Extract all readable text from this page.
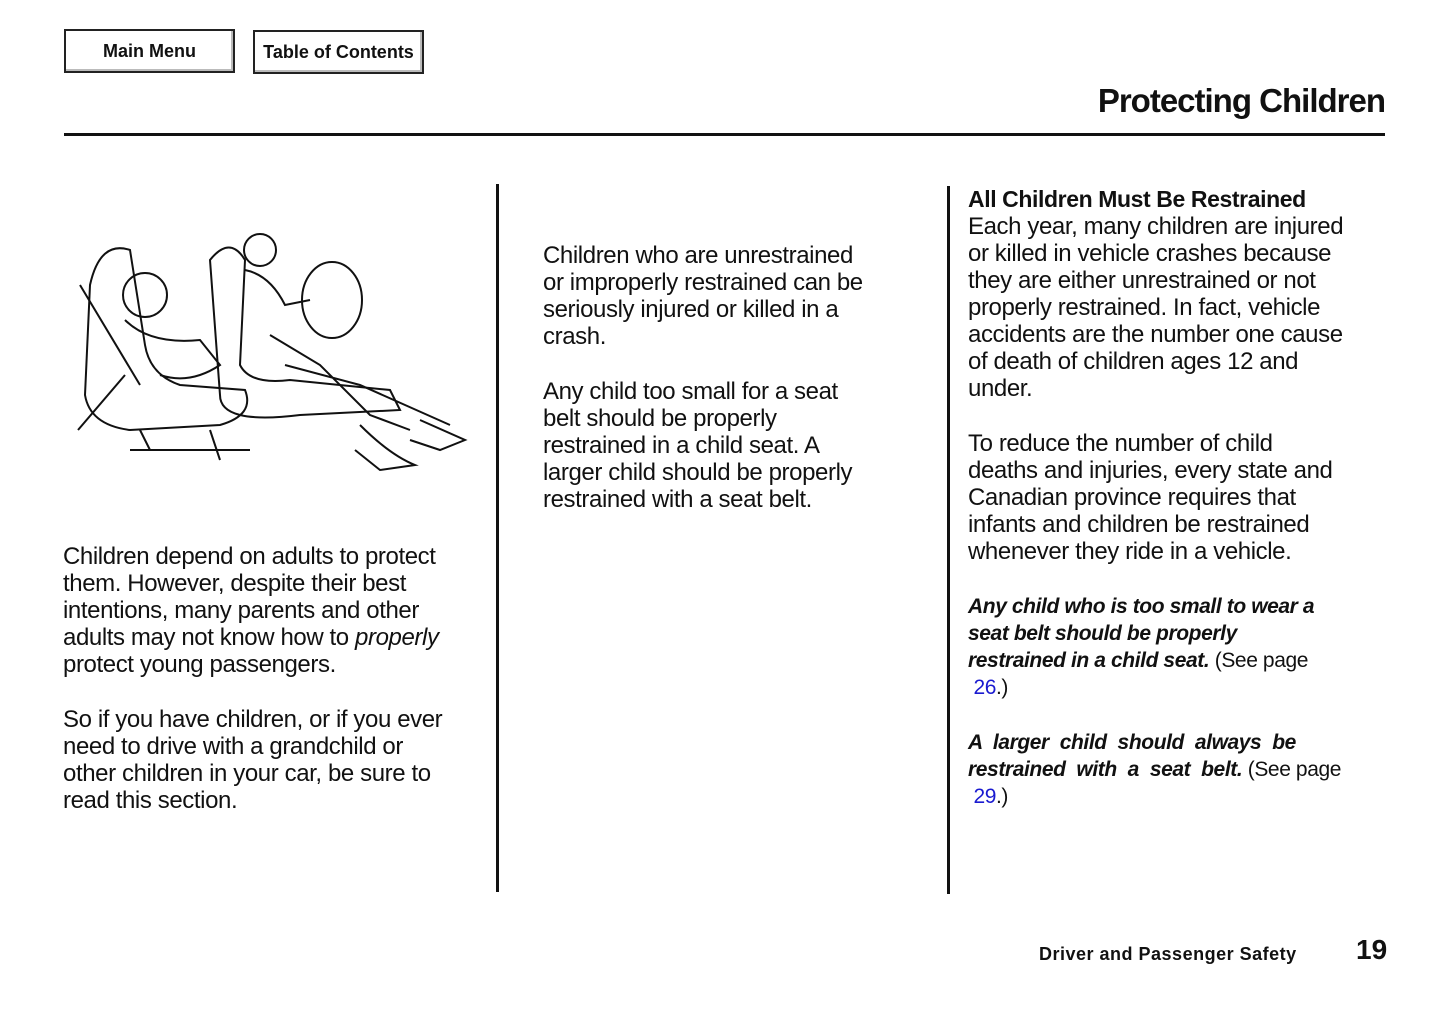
Main Menu	Table of Contents
Protecting Children

Children depend on adults to protect
them. However, despite their best
intentions, many parents and other
adults may not know how to properly
protect young passengers.

So if you have children, or if you ever
need to drive with a grandchild or
other children in your car, be sure to
read this section.

Children who are unrestrained
or improperly restrained can be
seriously injured or killed in a
crash.

Any child too small for a seat
belt should be properly
restrained in a child seat. A
larger child should be properly
restrained with a seat belt.

All Children Must Be Restrained

Each year, many children are injured
or killed in vehicle crashes because
they are either unrestrained or not
properly restrained. In fact, vehicle
accidents are the number one cause
of death of children ages 12 and
under.

To reduce the number of child
deaths and injuries, every state and
Canadian province requires that
infants and children be restrained
whenever they ride in a vehicle.

Any child who is too small to wear a
seat belt should be properly
restrained in a child seat. (See page
26.)

A  larger  child  should  always  be
restrained  with  a  seat  belt. (See page
29.)

Driver and Passenger Safety 19
